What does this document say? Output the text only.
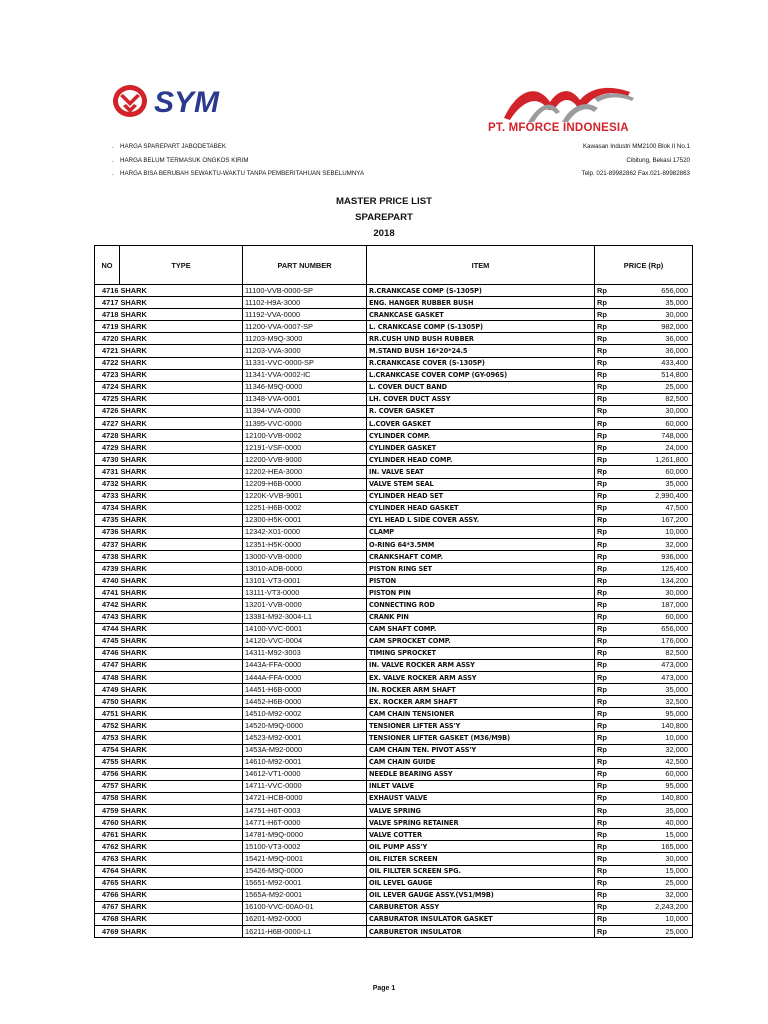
SYM
PT. MFORCE INDONESIA
. HARGA SPAREPART JABODETABEK
. HARGA BELUM TERMASUK ONGKOS KIRIM
. HARGA BISA BERUBAH SEWAKTU-WAKTU TANPA PEMBERITAHUAN SEBELUMNYA
Kawasan Industri MM2100 Blok II No.1
Cibitung, Bekasi 17520
Telp. 021-89982862 Fax.021-89982863
MASTER PRICE LIST
SPAREPART
2018
NO	TYPE	PART NUMBER	ITEM	PRICE (Rp)	
4716	SHARK	11100-VVB-0000-SP	R.CRANKCASE COMP (S-1305P)	Rp	656,000
4717	SHARK	11102-H9A-3000	ENG. HANGER RUBBER BUSH	Rp	35,000
4718	SHARK	11192-VVA-0000	CRANKCASE GASKET	Rp	30,000
4719	SHARK	11200-VVA-0007-SP	L. CRANKCASE COMP (S-1305P)	Rp	982,000
4720	SHARK	11203-M9Q-3000	RR.CUSH UND BUSH RUBBER	Rp	36,000
4721	SHARK	11203-VVA-3000	M.STAND BUSH 16*20*24.5	Rp	36,000
4722	SHARK	11331-VVC-0000-SP	R.CRANKCASE COVER (S-1305P)	Rp	433,400
4723	SHARK	11341-VVA-0002-IC	L.CRANKCASE COVER COMP (GY-096S)	Rp	514,800
4724	SHARK	11346-M9Q-0000	L. COVER DUCT BAND	Rp	25,000
4725	SHARK	11348-VVA-0001	LH. COVER DUCT ASSY	Rp	82,500
4726	SHARK	11394-VVA-0000	R. COVER GASKET	Rp	30,000
4727	SHARK	11395-VVC-0000	L.COVER GASKET	Rp	60,000
4728	SHARK	12100-VVB-0002	CYLINDER COMP.	Rp	748,000
4729	SHARK	12191-VSF-0000	CYLINDER GASKET	Rp	24,000
4730	SHARK	12200-VVB-9000	CYLINDER HEAD COMP.	Rp	1,261,800
4731	SHARK	12202-HEA-3000	IN. VALVE SEAT	Rp	60,000
4732	SHARK	12209-H6B-0000	VALVE STEM SEAL	Rp	35,000
4733	SHARK	1220K-VVB-9001	CYLINDER HEAD SET	Rp	2,990,400
4734	SHARK	12251-H6B-0002	CYLINDER HEAD GASKET	Rp	47,500
4735	SHARK	12300-H5K-0001	CYL HEAD L SIDE COVER ASSY.	Rp	167,200
4736	SHARK	12342-X01-0000	CLAMP	Rp	10,000
4737	SHARK	12351-H5K-0000	O-RING 64*3.5MM	Rp	32,000
4738	SHARK	13000-VVB-0000	CRANKSHAFT COMP.	Rp	936,000
4739	SHARK	13010-ADB-0000	PISTON RING SET	Rp	125,400
4740	SHARK	13101-VT3-0001	PISTON	Rp	134,200
4741	SHARK	13111-VT3-0000	PISTON PIN	Rp	30,000
4742	SHARK	13201-VVB-0000	CONNECTING ROD	Rp	187,000
4743	SHARK	13381-M92-3004-L1	CRANK PIN	Rp	60,000
4744	SHARK	14100-VVC-0001	CAM SHAFT COMP.	Rp	656,000
4745	SHARK	14120-VVC-0004	CAM SPROCKET COMP.	Rp	176,000
4746	SHARK	14311-M92-3003	TIMING SPROCKET	Rp	82,500
4747	SHARK	1443A-FFA-0000	IN. VALVE ROCKER ARM ASSY	Rp	473,000
4748	SHARK	1444A-FFA-0000	EX. VALVE ROCKER ARM ASSY	Rp	473,000
4749	SHARK	14451-H6B-0000	IN. ROCKER ARM SHAFT	Rp	35,000
4750	SHARK	14452-H6B-0000	EX. ROCKER ARM SHAFT	Rp	32,500
4751	SHARK	14510-M92-0002	CAM CHAIN TENSIONER	Rp	95,000
4752	SHARK	14520-M9Q-0000	TENSIONER LIFTER ASS'Y	Rp	140,800
4753	SHARK	14523-M92-0001	TENSIONER LIFTER GASKET (M36/M9B)	Rp	10,000
4754	SHARK	1453A-M92-0000	CAM CHAIN TEN. PIVOT ASS'Y	Rp	32,000
4755	SHARK	14610-M92-0001	CAM CHAIN GUIDE	Rp	42,500
4756	SHARK	14612-VT1-0000	NEEDLE BEARING ASSY	Rp	60,000
4757	SHARK	14711-VVC-0000	INLET VALVE	Rp	95,000
4758	SHARK	14721-HCB-0000	EXHAUST VALVE	Rp	140,800
4759	SHARK	14751-H6T-0003	VALVE SPRING	Rp	35,000
4760	SHARK	14771-H6T-0000	VALVE SPRING RETAINER	Rp	40,000
4761	SHARK	14781-M9Q-0000	VALVE COTTER	Rp	15,000
4762	SHARK	15100-VT3-0002	OIL PUMP ASS'Y	Rp	165,000
4763	SHARK	15421-M9Q-0001	OIL FILTER SCREEN	Rp	30,000
4764	SHARK	15426-M9Q-0000	OIL FILLTER SCREEN SPG.	Rp	15,000
4765	SHARK	15651-M92-0001	OIL LEVEL GAUGE	Rp	25,000
4766	SHARK	1565A-M92-0001	OIL LEVER GAUGE ASSY.(VS1/M9B)	Rp	32,000
4767	SHARK	16100-VVC-00A0-01	CARBURETOR ASSY	Rp	2,243,200
4768	SHARK	16201-M92-0000	CARBURATOR INSULATOR GASKET	Rp	10,000
4769	SHARK	16211-H6B-0000-L1	CARBURETOR INSULATOR	Rp	25,000
Page 1
